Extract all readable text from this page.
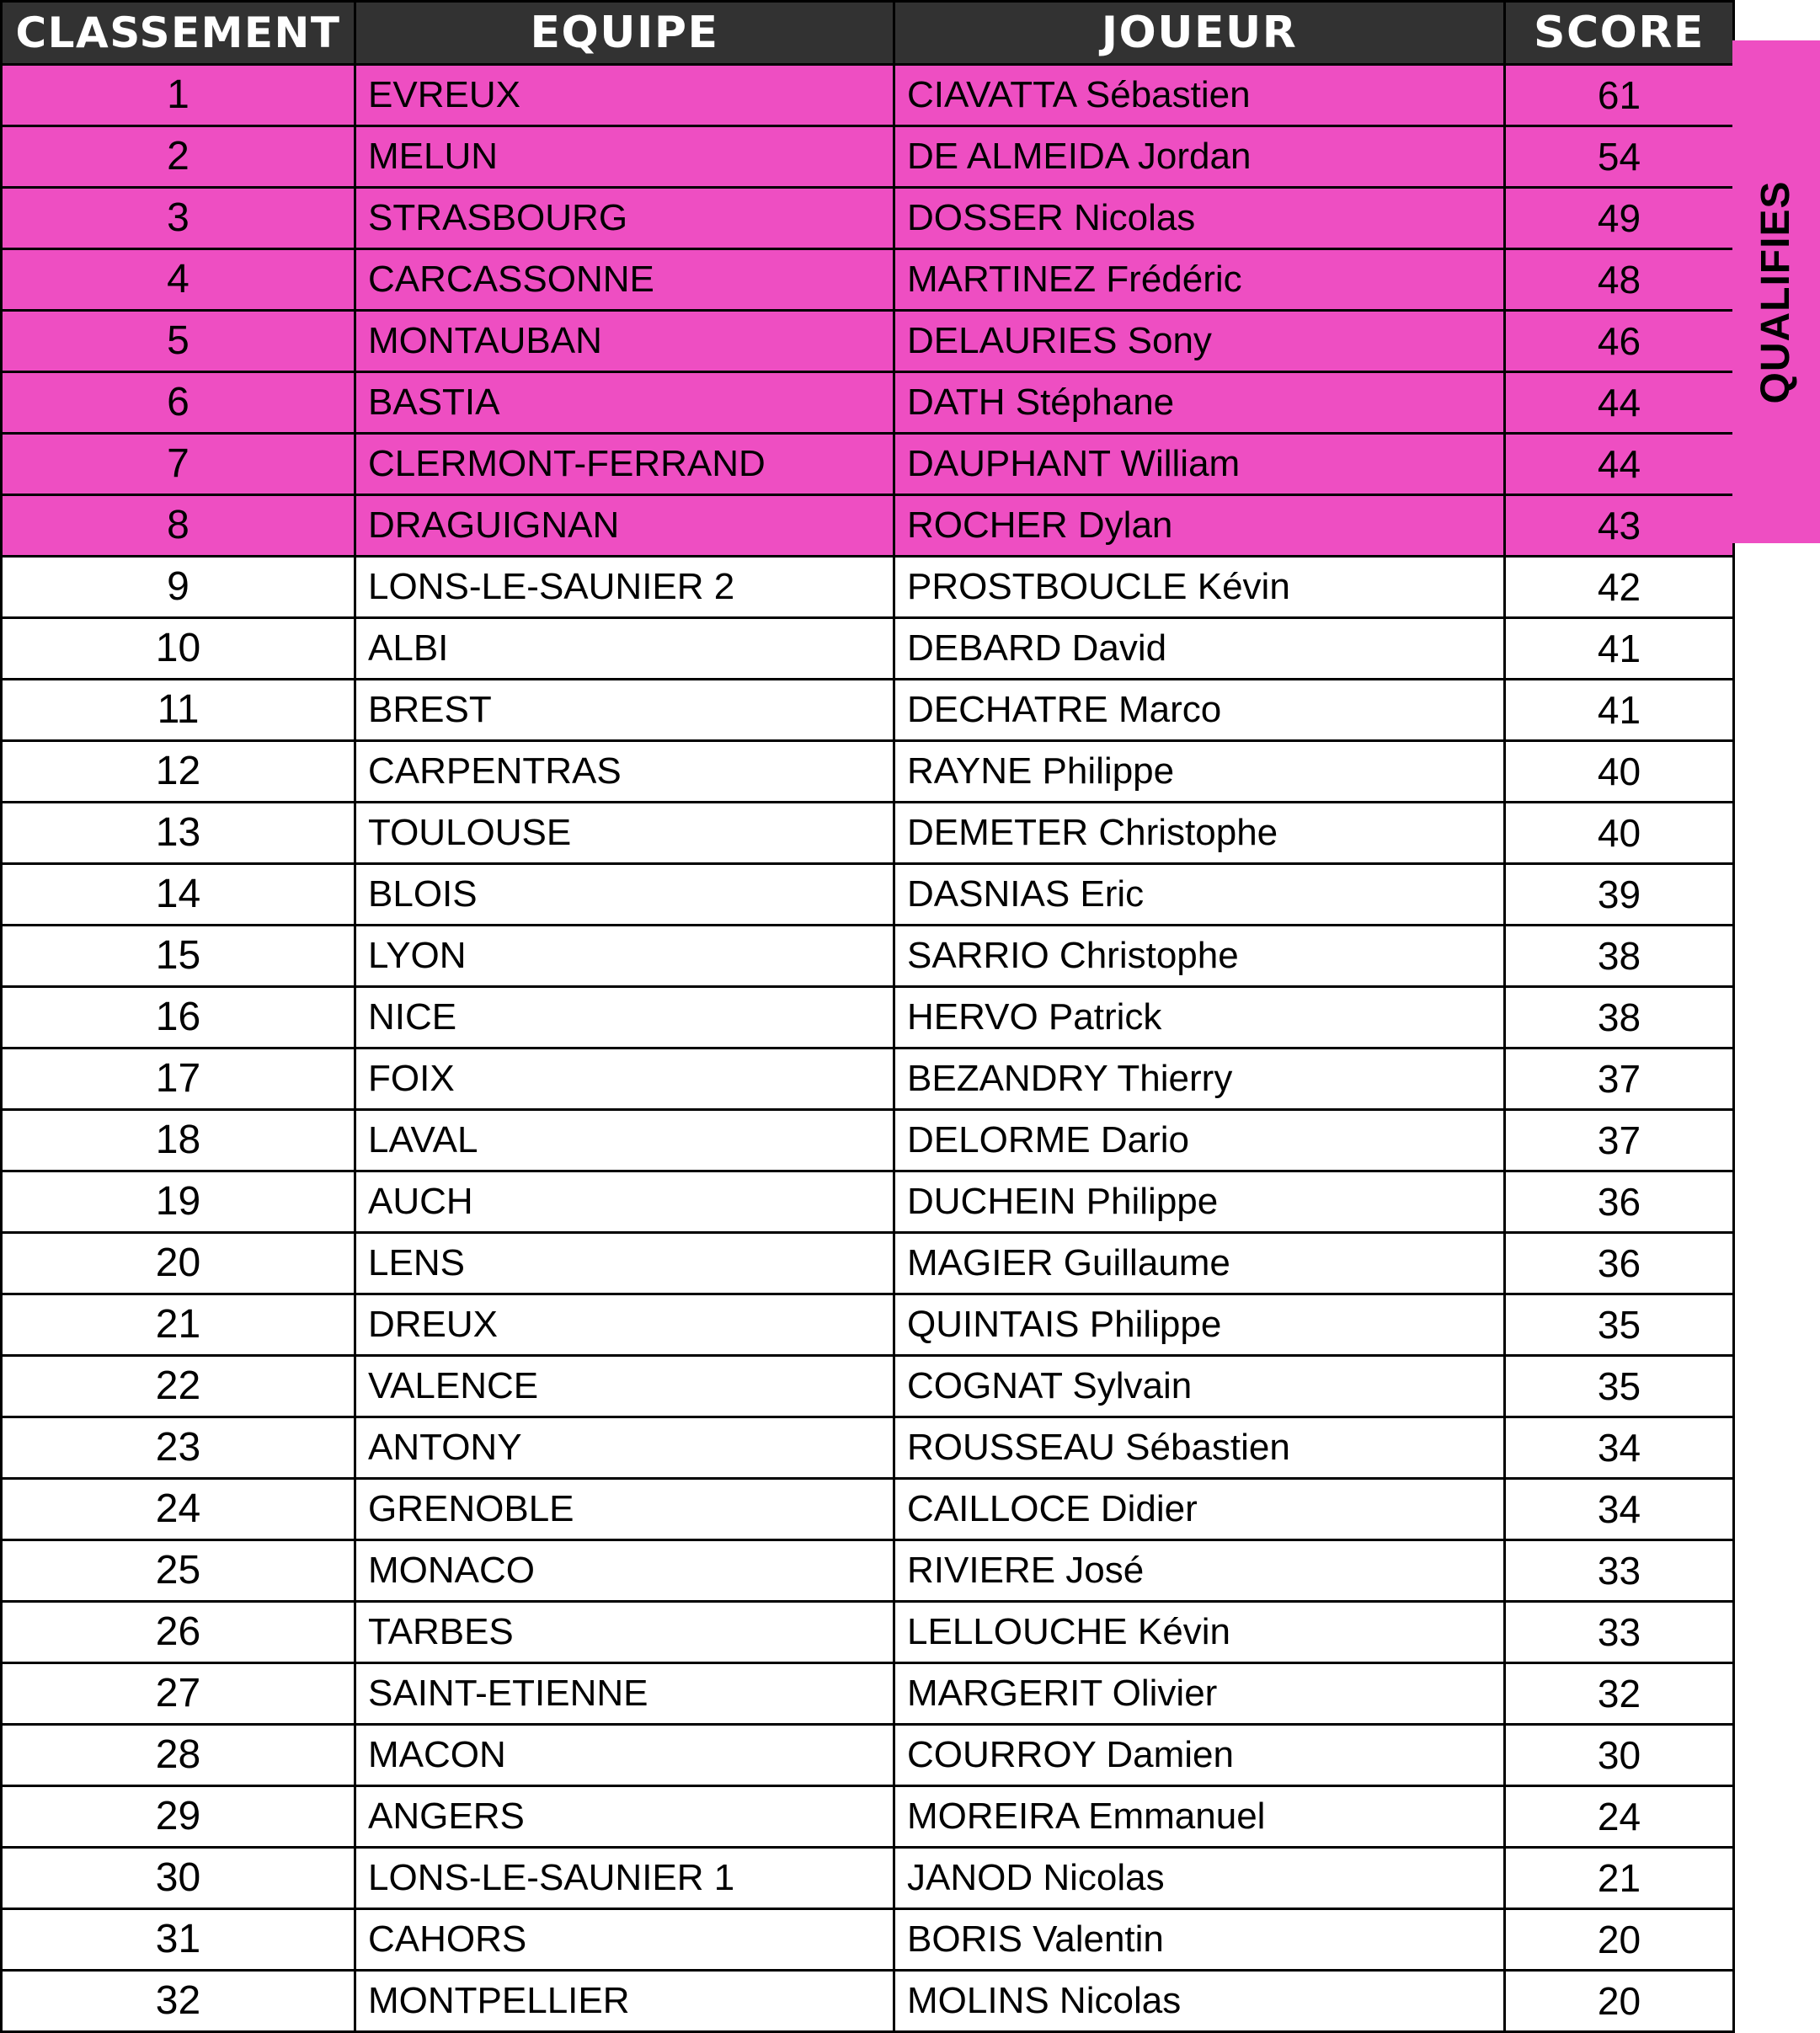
CLASSEMENT	EQUIPE	JOUEUR	SCORE
1	EVREUX	CIAVATTA Sébastien	61
2	MELUN	DE ALMEIDA Jordan	54
3	STRASBOURG	DOSSER Nicolas	49
4	CARCASSONNE	MARTINEZ Frédéric	48
5	MONTAUBAN	DELAURIES Sony	46
6	BASTIA	DATH Stéphane	44
7	CLERMONT-FERRAND	DAUPHANT William	44
8	DRAGUIGNAN	ROCHER Dylan	43
9	LONS-LE-SAUNIER 2	PROSTBOUCLE Kévin	42
10	ALBI	DEBARD David	41
11	BREST	DECHATRE Marco	41
12	CARPENTRAS	RAYNE Philippe	40
13	TOULOUSE	DEMETER Christophe	40
14	BLOIS	DASNIAS Eric	39
15	LYON	SARRIO Christophe	38
16	NICE	HERVO Patrick	38
17	FOIX	BEZANDRY Thierry	37
18	LAVAL	DELORME Dario	37
19	AUCH	DUCHEIN Philippe	36
20	LENS	MAGIER Guillaume	36
21	DREUX	QUINTAIS Philippe	35
22	VALENCE	COGNAT Sylvain	35
23	ANTONY	ROUSSEAU Sébastien	34
24	GRENOBLE	CAILLOCE Didier	34
25	MONACO	RIVIERE José	33
26	TARBES	LELLOUCHE Kévin	33
27	SAINT-ETIENNE	MARGERIT Olivier	32
28	MACON	COURROY Damien	30
29	ANGERS	MOREIRA Emmanuel	24
30	LONS-LE-SAUNIER 1	JANOD Nicolas	21
31	CAHORS	BORIS Valentin	20
32	MONTPELLIER	MOLINS Nicolas	20
QUALIFIES
